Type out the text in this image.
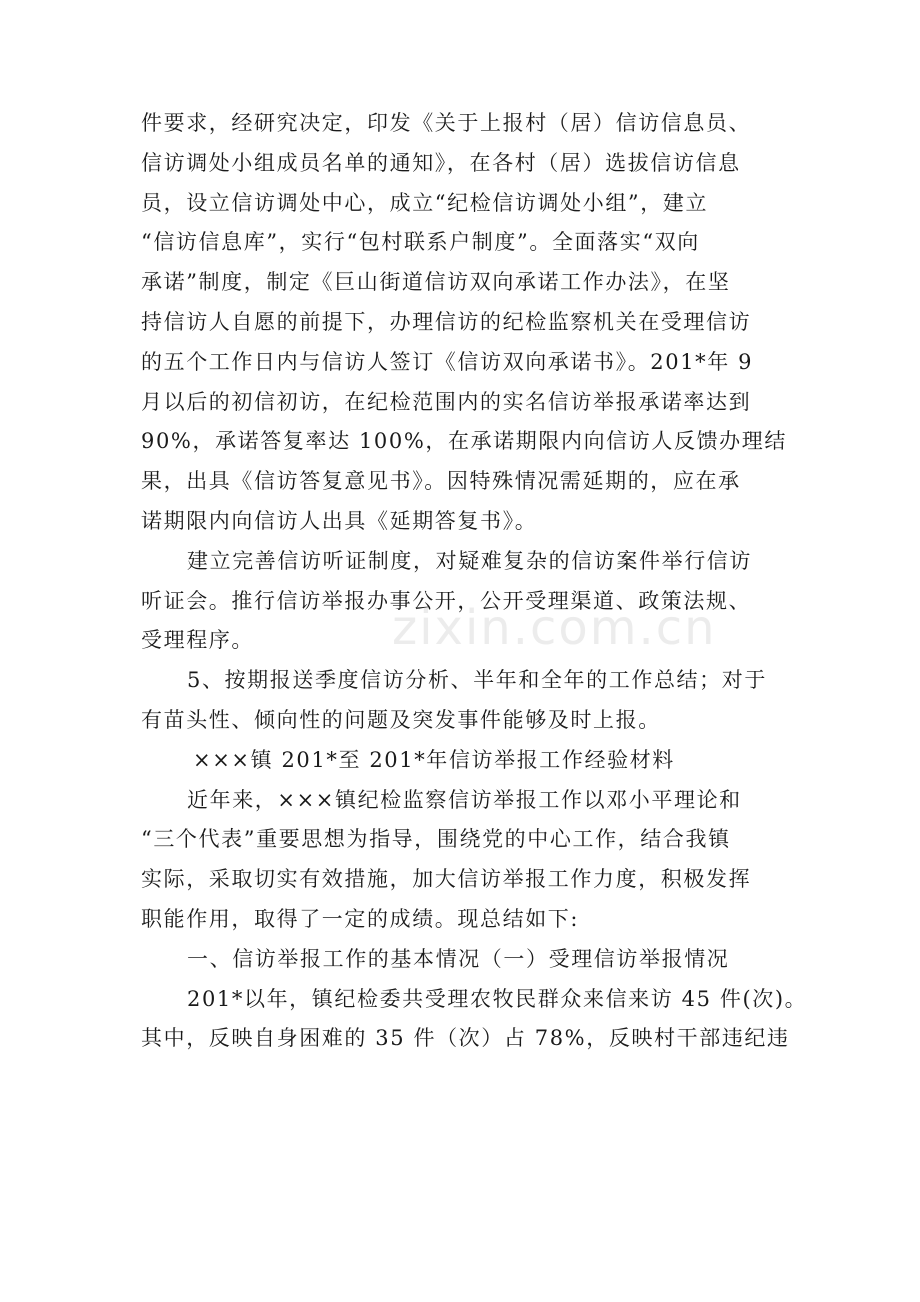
件要求，经研究决定，印发《关于上报村（居）信访信息员、
信访调处小组成员名单的通知》，在各村（居）选拔信访信息
员，设立信访调处中心，成立“纪检信访调处小组”，建立
“信访信息库”，实行“包村联系户制度”。全面落实“双向
承诺”制度，制定《巨山街道信访双向承诺工作办法》，在坚
持信访人自愿的前提下，办理信访的纪检监察机关在受理信访
的五个工作日内与信访人签订《信访双向承诺书》。201*年 9
月以后的初信初访，在纪检范围内的实名信访举报承诺率达到
90%，承诺答复率达 100%，在承诺期限内向信访人反馈办理结
果，出具《信访答复意见书》。因特殊情况需延期的，应在承
诺期限内向信访人出具《延期答复书》。
建立完善信访听证制度，对疑难复杂的信访案件举行信访
听证会。推行信访举报办事公开，公开受理渠道、政策法规、
受理程序。
5、按期报送季度信访分析、半年和全年的工作总结；对于
有苗头性、倾向性的问题及突发事件能够及时上报。
×××镇 201*至 201*年信访举报工作经验材料
近年来，×××镇纪检监察信访举报工作以邓小平理论和
“三个代表”重要思想为指导，围绕党的中心工作，结合我镇
实际，采取切实有效措施，加大信访举报工作力度，积极发挥
职能作用，取得了一定的成绩。现总结如下:
一、信访举报工作的基本情况（一）受理信访举报情况
201*以年，镇纪检委共受理农牧民群众来信来访 45 件(次)。
其中，反映自身困难的 35 件（次）占 78%，反映村干部违纪违
zixin.com.cn
